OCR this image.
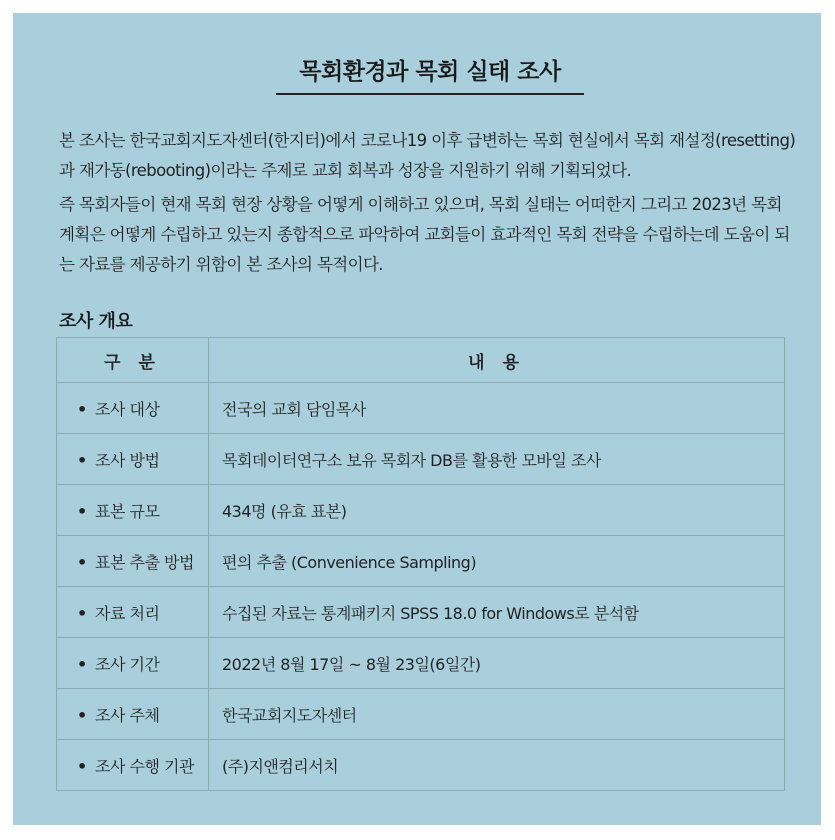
목회환경과 목회 실태 조사

본 조사는 한국교회지도자센터(한지터)에서 코로나19 이후 급변하는 목회 현실에서 목회 재설정(resetting)과 재가동(rebooting)이라는 주제로 교회 회복과 성장을 지원하기 위해 기획되었다.

즉 목회자들이 현재 목회 현장 상황을 어떻게 이해하고 있으며, 목회 실태는 어떠한지 그리고 2023년 목회 계획은 어떻게 수립하고 있는지 종합적으로 파악하여 교회들이 효과적인 목회 전략을 수립하는데 도움이 되는 자료를 제공하기 위함이 본 조사의 목적이다.

조사 개요
구 분	내 용
• 조사 대상	전국의 교회 담임목사
• 조사 방법	목회데이터연구소 보유 목회자 DB를 활용한 모바일 조사
• 표본 규모	434명 (유효 표본)
• 표본 추출 방법	편의 추출 (Convenience Sampling)
• 자료 처리	수집된 자료는 통계패키지 SPSS 18.0 for Windows로 분석함
• 조사 기간	2022년 8월 17일 ~ 8월 23일(6일간)
• 조사 주체	한국교회지도자센터
• 조사 수행 기관	(주)지앤컴리서치
